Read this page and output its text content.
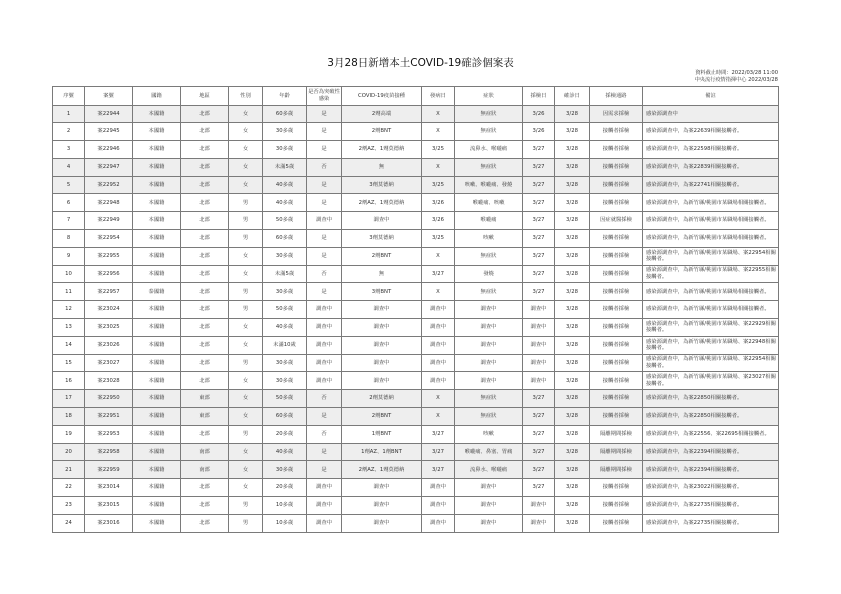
3月28日新增本土COVID-19確診個案表
資料截止時間：2022/03/28 11:00
中央流行疫情指揮中心 2022/03/28
序號	案號	國籍	地區	性別	年齡	是否為突破性感染	COVID-19疫苗接種	發病日	症狀	採檢日	確診日	採檢通路	備註
1	案22944	本國籍	北部	女	60多歲	是	2劑高端	X	無症狀	3/26	3/28	因需求採檢	感染源調查中
2	案22945	本國籍	北部	女	30多歲	是	2劑BNT	X	無症狀	3/26	3/28	接觸者採檢	感染源調查中，為案22639相關接觸者。
3	案22946	本國籍	北部	女	30多歲	是	2劑AZ、1劑莫德納	3/25	流鼻水、喉嚨痛	3/27	3/28	接觸者採檢	感染源調查中，為案22598相關接觸者。
4	案22947	本國籍	北部	女	未滿5歲	否	無	X	無症狀	3/27	3/28	接觸者採檢	感染源調查中，為案22839相關接觸者。
5	案22952	本國籍	北部	女	40多歲	是	3劑莫德納	3/25	咳嗽、喉嚨痛、發燒	3/27	3/28	接觸者採檢	感染源調查中，為案22741相關接觸者。
6	案22948	本國籍	北部	男	40多歲	是	2劑AZ、1劑莫德納	3/26	喉嚨痛、咳嗽	3/27	3/28	接觸者採檢	感染源調查中，為新竹縣/桃園市某職場相關接觸者。
7	案22949	本國籍	北部	男	50多歲	調查中	調查中	3/26	喉嚨痛	3/27	3/28	因症就醫採檢	感染源調查中，為新竹縣/桃園市某職場相關接觸者。
8	案22954	本國籍	北部	男	60多歲	是	3劑莫德納	3/25	咳嗽	3/27	3/28	接觸者採檢	感染源調查中，為新竹縣/桃園市某職場相關接觸者。
9	案22955	本國籍	北部	女	30多歲	是	2劑BNT	X	無症狀	3/27	3/28	接觸者採檢	感染源調查中，為新竹縣/桃園市某職場、案22954相關接觸者。
10	案22956	本國籍	北部	女	未滿5歲	否	無	3/27	發燒	3/27	3/28	接觸者採檢	感染源調查中，為新竹縣/桃園市某職場、案22955相關接觸者。
11	案22957	泰國籍	北部	男	30多歲	是	3劑BNT	X	無症狀	3/27	3/28	接觸者採檢	感染源調查中，為新竹縣/桃園市某職場相關接觸者。
12	案23024	本國籍	北部	男	50多歲	調查中	調查中	調查中	調查中	調查中	3/28	接觸者採檢	感染源調查中，為新竹縣/桃園市某職場相關接觸者。
13	案23025	本國籍	北部	女	40多歲	調查中	調查中	調查中	調查中	調查中	3/28	接觸者採檢	感染源調查中，為新竹縣/桃園市某職場、案22929相關接觸者。
14	案23026	本國籍	北部	女	未滿10歲	調查中	調查中	調查中	調查中	調查中	3/28	接觸者採檢	感染源調查中，為新竹縣/桃園市某職場、案22948相關接觸者。
15	案23027	本國籍	北部	男	30多歲	調查中	調查中	調查中	調查中	調查中	3/28	接觸者採檢	感染源調查中，為新竹縣/桃園市某職場、案22954相關接觸者。
16	案23028	本國籍	北部	女	30多歲	調查中	調查中	調查中	調查中	調查中	3/28	接觸者採檢	感染源調查中，為新竹縣/桃園市某職場、案23027相關接觸者。
17	案22950	本國籍	東部	女	50多歲	否	2劑莫德納	X	無症狀	3/27	3/28	接觸者採檢	感染源調查中，為案22850相關接觸者。
18	案22951	本國籍	東部	女	60多歲	是	2劑BNT	X	無症狀	3/27	3/28	接觸者採檢	感染源調查中，為案22850相關接觸者。
19	案22953	本國籍	北部	男	20多歲	否	1劑BNT	3/27	咳嗽	3/27	3/28	隔離期間採檢	感染源調查中，為案22556、案22695相關接觸者。
20	案22958	本國籍	南部	女	40多歲	是	1劑AZ、1劑BNT	3/27	喉嚨痛、鼻塞、胃痛	3/27	3/28	隔離期間採檢	感染源調查中，為案22394相關接觸者。
21	案22959	本國籍	南部	女	30多歲	是	2劑AZ、1劑莫德納	3/27	流鼻水、喉嚨痛	3/27	3/28	隔離期間採檢	感染源調查中，為案22394相關接觸者。
22	案23014	本國籍	北部	女	20多歲	調查中	調查中	調查中	調查中	3/27	3/28	接觸者採檢	感染源調查中，為案23022相關接觸者。
23	案23015	本國籍	北部	男	10多歲	調查中	調查中	調查中	調查中	調查中	3/28	接觸者採檢	感染源調查中，為案22735相關接觸者。
24	案23016	本國籍	北部	男	10多歲	調查中	調查中	調查中	調查中	調查中	3/28	接觸者採檢	感染源調查中，為案22735相關接觸者。
